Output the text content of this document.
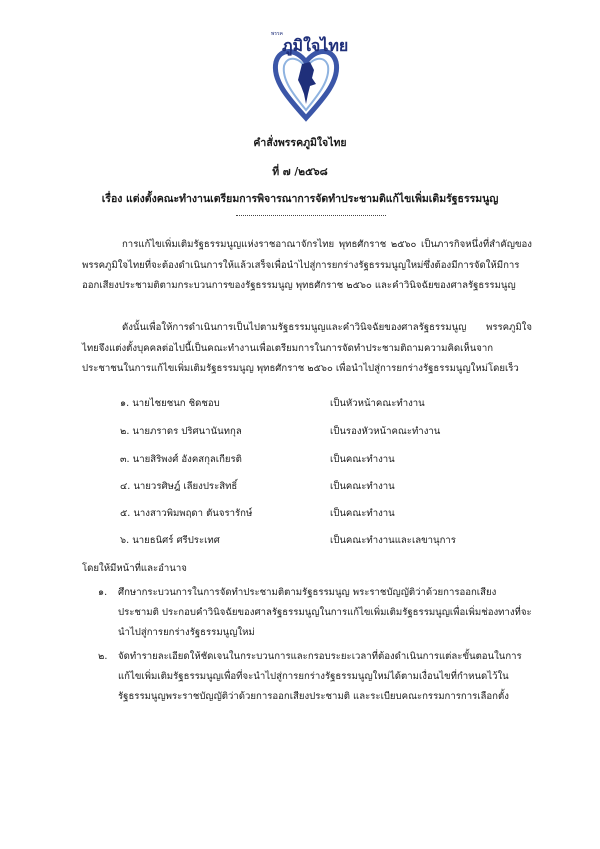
พรรค
ภูมิใจไทย
คำสั่งพรรคภูมิใจไทย
ที่ ๗ /๒๕๖๘
เรื่อง แต่งตั้งคณะทำงานเตรียมการพิจารณาการจัดทำประชามติแก้ไขเพิ่มเติมรัฐธรรมนูญ
การแก้ไขเพิ่มเติมรัฐธรรมนูญแห่งราชอาณาจักรไทย พุทธศักราช ๒๕๖๐ เป็นภารกิจหนึ่งที่สำคัญของพรรคภูมิใจไทยที่จะต้องดำเนินการให้แล้วเสร็จเพื่อนำไปสู่การยกร่างรัฐธรรมนูญใหม่ซึ่งต้องมีการจัดให้มีการออกเสียงประชามติตามกระบวนการของรัฐธรรมนูญ พุทธศักราช ๒๕๖๐ และคำวินิจฉัยของศาลรัฐธรรมนูญ
ดังนั้นเพื่อให้การดำเนินการเป็นไปตามรัฐธรรมนูญและคำวินิจฉัยของศาลรัฐธรรมนูญ พรรคภูมิใจไทยจึงแต่งตั้งบุคคลต่อไปนี้เป็นคณะทำงานเพื่อเตรียมการในการจัดทำประชามติถามความคิดเห็นจากประชาชนในการแก้ไขเพิ่มเติมรัฐธรรมนูญ พุทธศักราช ๒๕๖๐ เพื่อนำไปสู่การยกร่างรัฐธรรมนูญใหม่โดยเร็ว
๑. นายไชยชนก ชิดชอบ	เป็นหัวหน้าคณะทำงาน
๒. นายภราดร ปริศนานันทกุล	เป็นรองหัวหน้าคณะทำงาน
๓. นายสิริพงศ์ อังคสกุลเกียรติ	เป็นคณะทำงาน
๔. นายวรศิษฎ์ เลียงประสิทธิ์	เป็นคณะทำงาน
๕. นางสาวพิมพฤดา ตันจรารักษ์	เป็นคณะทำงาน
๖. นายธนิศร์ ศรีประเทศ	เป็นคณะทำงานและเลขานุการ
โดยให้มีหน้าที่และอำนาจ
๑. ศึกษากระบวนการในการจัดทำประชามติตามรัฐธรรมนูญ พระราชบัญญัติว่าด้วยการออกเสียงประชามติ ประกอบคำวินิจฉัยของศาลรัฐธรรมนูญในการแก้ไขเพิ่มเติมรัฐธรรมนูญเพื่อเพิ่มช่องทางที่จะนำไปสู่การยกร่างรัฐธรรมนูญใหม่
๒. จัดทำรายละเอียดให้ชัดเจนในกระบวนการและกรอบระยะเวลาที่ต้องดำเนินการแต่ละขั้นตอนในการแก้ไขเพิ่มเติมรัฐธรรมนูญเพื่อที่จะนำไปสู่การยกร่างรัฐธรรมนูญใหม่ได้ตามเงื่อนไขที่กำหนดไว้ในรัฐธรรมนูญพระราชบัญญัติว่าด้วยการออกเสียงประชามติ และระเบียบคณะกรรมการการเลือกตั้ง
